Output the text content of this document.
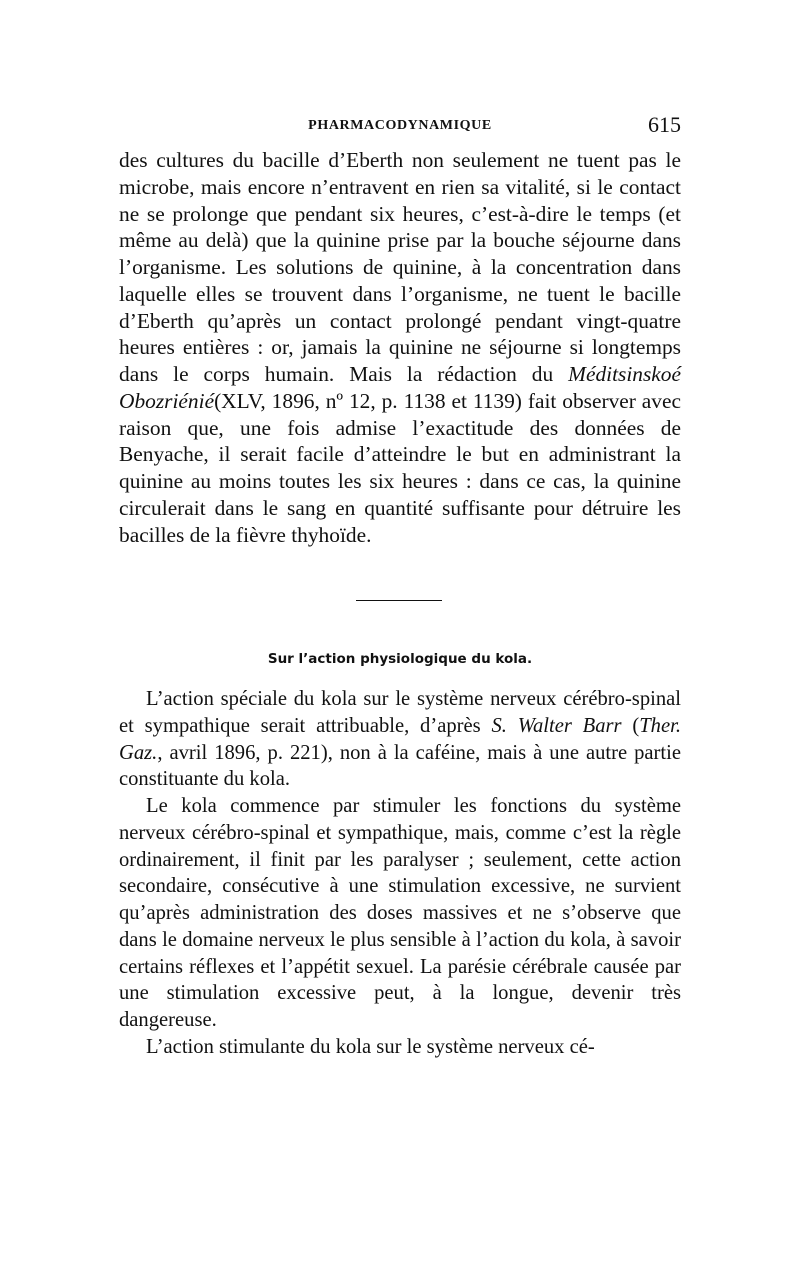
PHARMACODYNAMIQUE	615

des cultures du bacille d’Eberth non seulement ne tuent pas le microbe, mais encore n’entravent en rien sa vitalité, si le contact ne se prolonge que pendant six heures, c’est-à-dire le temps (et même au delà) que la quinine prise par la bouche séjourne dans l’organisme. Les solutions de quinine, à la concentration dans laquelle elles se trouvent dans l’organisme, ne tuent le bacille d’Eberth qu’après un contact prolongé pendant vingt-quatre heures entières : or, jamais la quinine ne séjourne si longtemps dans le corps humain. Mais la rédaction du Méditsinskoé Obozriénié(XLV, 1896, nº 12, p. 1138 et 1139) fait observer avec raison que, une fois admise l’exactitude des données de Benyache, il serait facile d’atteindre le but en administrant la quinine au moins toutes les six heures : dans ce cas, la quinine circulerait dans le sang en quantité suffisante pour détruire les bacilles de la fièvre thyhoïde.

Sur l’action physiologique du kola.

L’action spéciale du kola sur le système nerveux cérébro-spinal et sympathique serait attribuable, d’après S. Walter Barr (Ther. Gaz., avril 1896, p. 221), non à la caféine, mais à une autre partie constituante du kola.

Le kola commence par stimuler les fonctions du système nerveux cérébro-spinal et sympathique, mais, comme c’est la règle ordinairement, il finit par les paralyser ; seulement, cette action secondaire, consécutive à une stimulation excessive, ne survient qu’après administration des doses massives et ne s’observe que dans le domaine nerveux le plus sensible à l’action du kola, à savoir certains réflexes et l’appétit sexuel. La parésie cérébrale causée par une stimulation excessive peut, à la longue, devenir très dangereuse.

L’action stimulante du kola sur le système nerveux cé-
